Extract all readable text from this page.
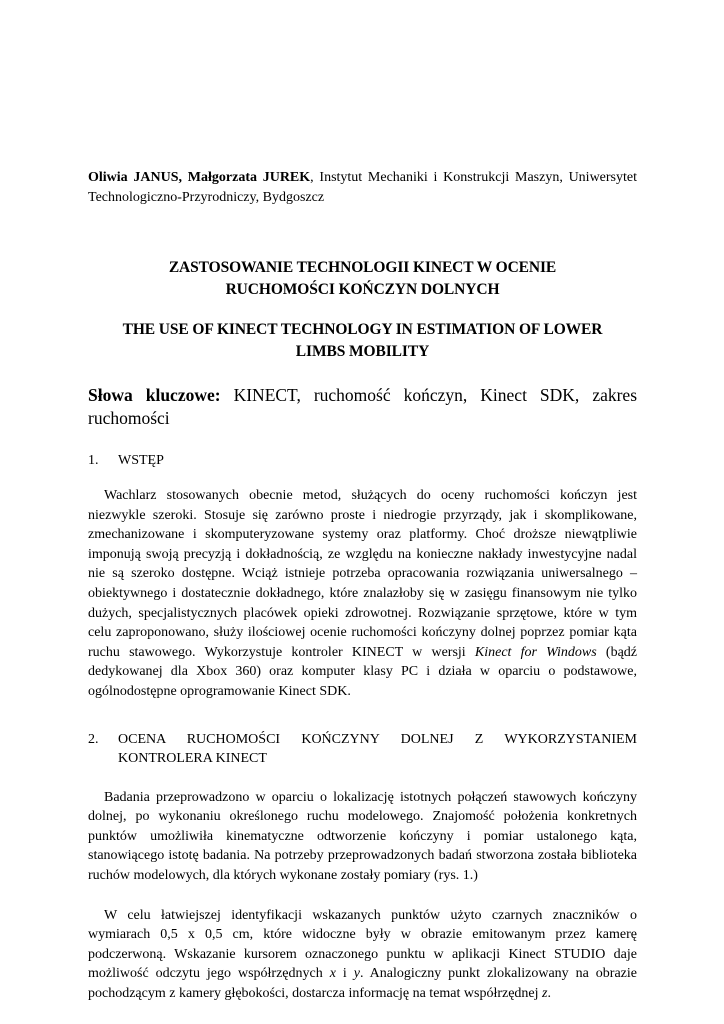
Oliwia JANUS, Małgorzata JUREK, Instytut Mechaniki i Konstrukcji Maszyn, Uniwersytet Technologiczno-Przyrodniczy, Bydgoszcz

ZASTOSOWANIE TECHNOLOGII KINECT W OCENIE
RUCHOMOŚCI KOŃCZYN DOLNYCH
THE USE OF KINECT TECHNOLOGY IN ESTIMATION OF LOWER
LIMBS MOBILITY

Słowa kluczowe: KINECT, ruchomość kończyn, Kinect SDK, zakres ruchomości

1.	WSTĘP

Wachlarz stosowanych obecnie metod, służących do oceny ruchomości kończyn jest niezwykle szeroki. Stosuje się zarówno proste i niedrogie przyrządy, jak i skomplikowane, zmechanizowane i skomputeryzowane systemy oraz platformy. Choć droższe niewątpliwie imponują swoją precyzją i dokładnością, ze względu na konieczne nakłady inwestycyjne nadal nie są szeroko dostępne. Wciąż istnieje potrzeba opracowania rozwiązania uniwersalnego – obiektywnego i dostatecznie dokładnego, które znalazłoby się w zasięgu finansowym nie tylko dużych, specjalistycznych placówek opieki zdrowotnej. Rozwiązanie sprzętowe, które w tym celu zaproponowano, służy ilościowej ocenie ruchomości kończyny dolnej poprzez pomiar kąta ruchu stawowego. Wykorzystuje kontroler KINECT w wersji Kinect for Windows (bądź dedykowanej dla Xbox 360) oraz komputer klasy PC i działa w oparciu o podstawowe, ogólnodostępne oprogramowanie Kinect SDK.

2.	OCENA RUCHOMOŚCI KOŃCZYNY DOLNEJ Z WYKORZYSTANIEM KONTROLERA KINECT

Badania przeprowadzono w oparciu o lokalizację istotnych połączeń stawowych kończyny dolnej, po wykonaniu określonego ruchu modelowego. Znajomość położenia konkretnych punktów umożliwiła kinematyczne odtworzenie kończyny i pomiar ustalonego kąta, stanowiącego istotę badania. Na potrzeby przeprowadzonych badań stworzona została biblioteka ruchów modelowych, dla których wykonane zostały pomiary (rys. 1.)

W celu łatwiejszej identyfikacji wskazanych punktów użyto czarnych znaczników o wymiarach 0,5 x 0,5 cm, które widoczne były w obrazie emitowanym przez kamerę podczerwoną. Wskazanie kursorem oznaczonego punktu w aplikacji Kinect STUDIO daje możliwość odczytu jego współrzędnych x i y. Analogiczny punkt zlokalizowany na obrazie pochodzącym z kamery głębokości, dostarcza informację na temat współrzędnej z.
